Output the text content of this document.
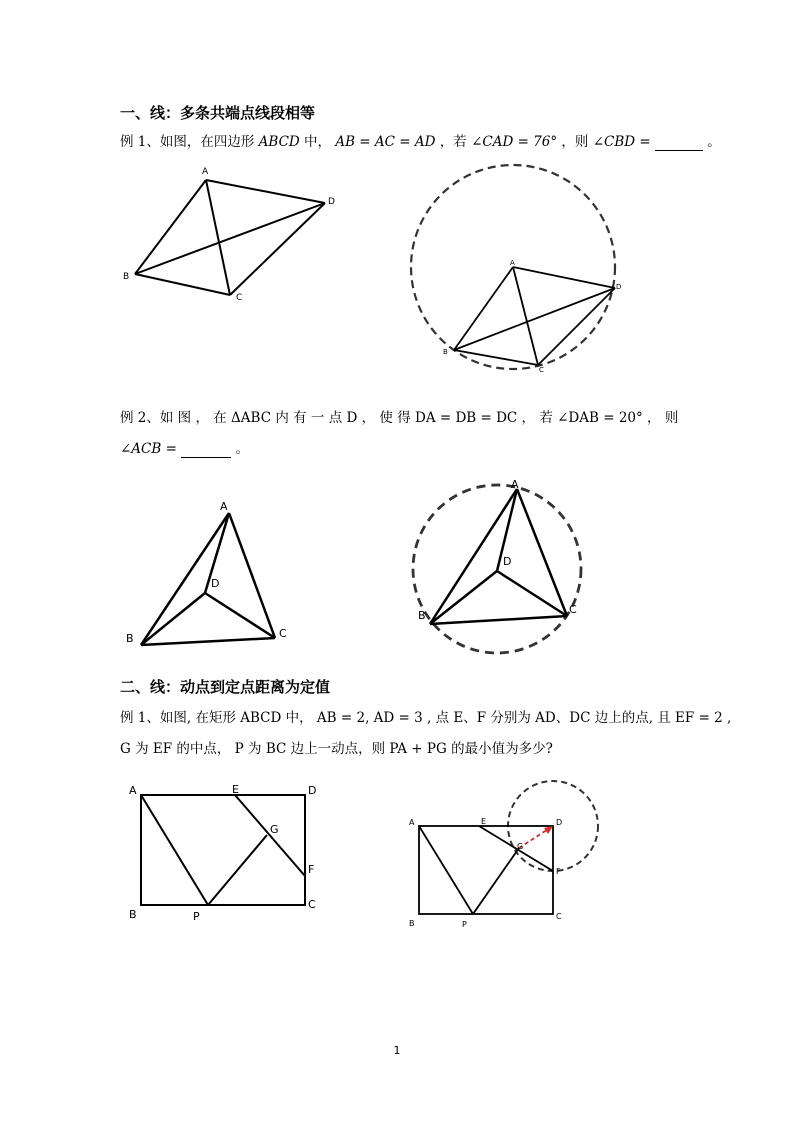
一、线：多条共端点线段相等
例 1、如图，在四边形 ABCD 中， AB = AC = AD ，若 ∠CAD = 76° ，则 ∠CBD =	。
A
D
B
C
A
D
B
C
例 2、如 图 ， 在 ΔABC 内 有 一 点 D ， 使 得 DA = DB = DC ， 若 ∠DAB = 20° ， 则
∠ACB =	。
A
D
B	C
A
D
B	C
二、线：动点到定点距离为定值
例 1、如图, 在矩形 ABCD 中， AB = 2, AD = 3 , 点 E、F 分别为 AD、DC 边上的点, 且 EF = 2 ,
G 为 EF 的中点， P 为 BC 边上一动点，则 PA + PG 的最小值为多少?
A	E	D
G
F
B	P
C
A	E	D
G
F
B	P
C
1
